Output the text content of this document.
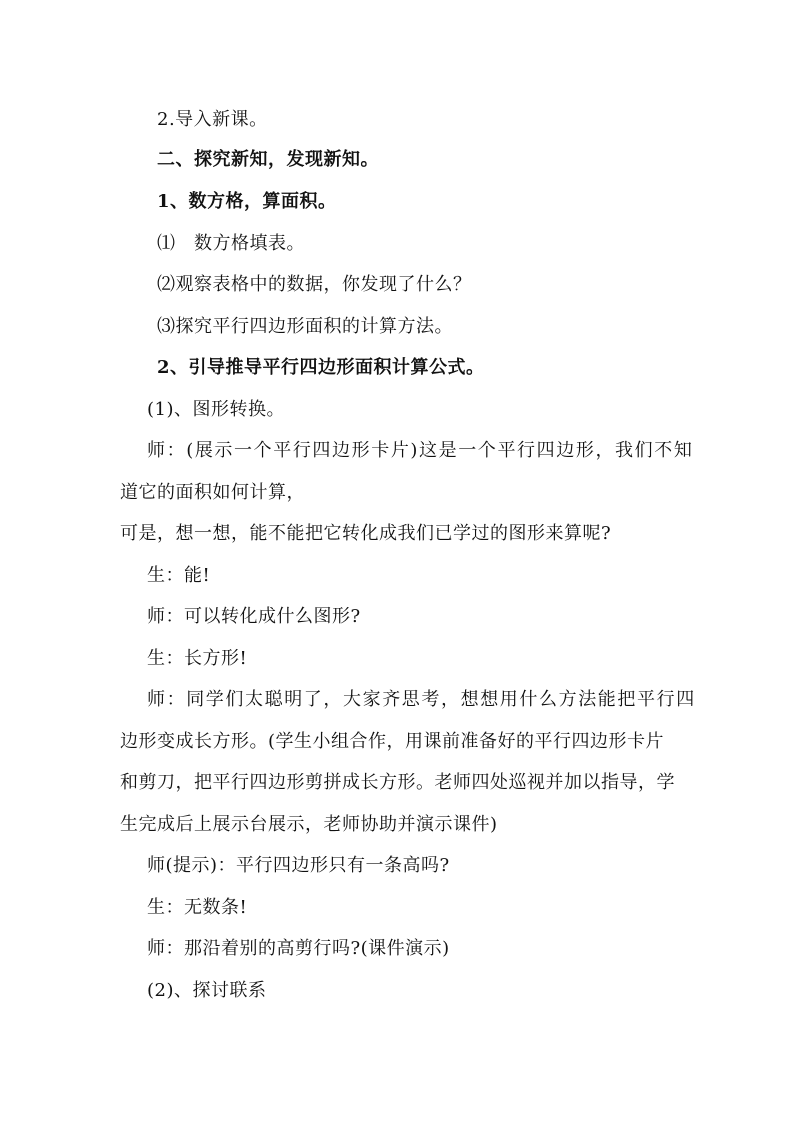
2.导入新课。
二、探究新知，发现新知。
1、数方格，算面积。
⑴　数方格填表。
⑵观察表格中的数据，你发现了什么？
⑶探究平行四边形面积的计算方法。
2、引导推导平行四边形面积计算公式。
(1)、图形转换。
师：(展示一个平行四边形卡片)这是一个平行四边形，我们不知
道它的面积如何计算，
可是，想一想，能不能把它转化成我们已学过的图形来算呢?
生：能!
师：可以转化成什么图形?
生：长方形!
师：同学们太聪明了，大家齐思考，想想用什么方法能把平行四
边形变成长方形。(学生小组合作，用课前准备好的平行四边形卡片
和剪刀，把平行四边形剪拼成长方形。老师四处巡视并加以指导，学
生完成后上展示台展示，老师协助并演示课件)
师(提示)：平行四边形只有一条高吗?
生：无数条!
师：那沿着别的高剪行吗?(课件演示)
(2)、探讨联系
